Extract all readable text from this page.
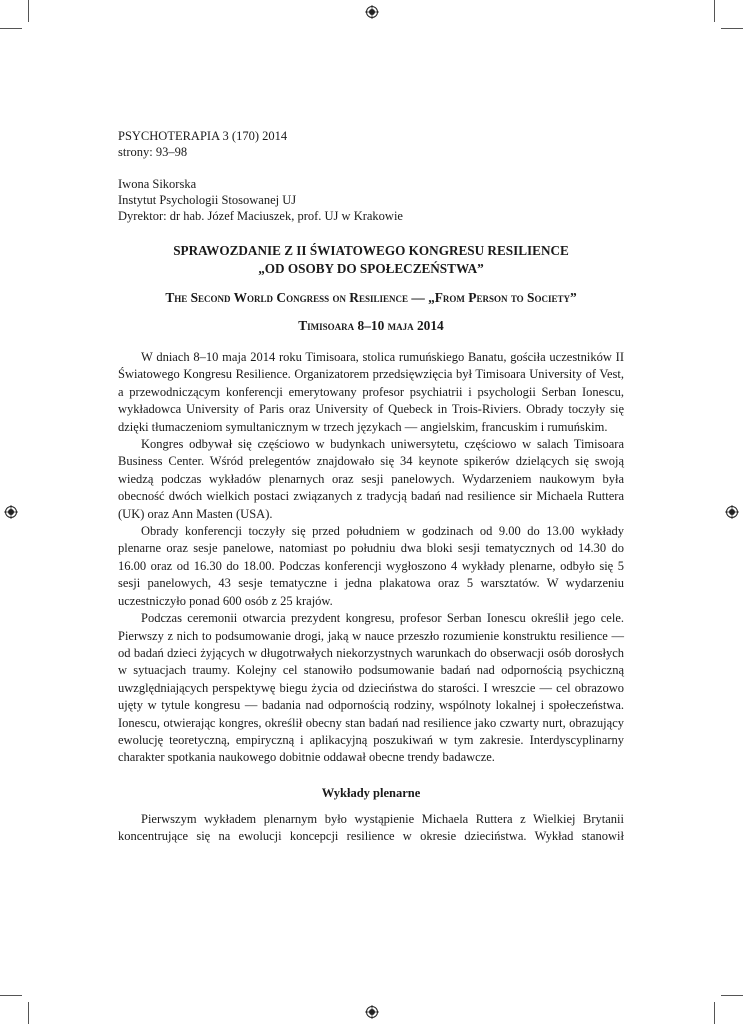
PSYCHOTERAPIA 3 (170) 2014
strony: 93–98
Iwona Sikorska
Instytut Psychologii Stosowanej UJ
Dyrektor: dr hab. Józef Maciuszek, prof. UJ w Krakowie
SPRAWOZDANIE Z II ŚWIATOWEGO KONGRESU RESILIENCE
„OD OSOBY DO SPOŁECZEŃSTWA”
The Second World Congress on Resilience — „From Person to Society”
Timisoara 8–10 maja 2014

W dniach 8–10 maja 2014 roku Timisoara, stolica rumuńskiego Banatu, gościła uczestników II Światowego Kongresu Resilience. Organizatorem przedsięwzięcia był Timisoara University of Vest, a przewodniczącym konferencji emerytowany profesor psychiatrii i psychologii Serban Ionescu, wykładowca University of Paris oraz University of Quebeck in Trois-Riviers. Obrady toczyły się dzięki tłumaczeniom symultanicznym w trzech językach — angielskim, francuskim i rumuńskim.

Kongres odbywał się częściowo w budynkach uniwersytetu, częściowo w salach Timisoara Business Center. Wśród prelegentów znajdowało się 34 keynote spikerów dzielących się swoją wiedzą podczas wykładów plenarnych oraz sesji panelowych. Wydarzeniem naukowym była obecność dwóch wielkich postaci związanych z tradycją badań nad resilience sir Michaela Ruttera (UK) oraz Ann Masten (USA).

Obrady konferencji toczyły się przed południem w godzinach od 9.00 do 13.00 wykłady plenarne oraz sesje panelowe, natomiast po południu dwa bloki sesji tematycznych od 14.30 do 16.00 oraz od 16.30 do 18.00. Podczas konferencji wygłoszono 4 wykłady plenarne, odbyło się 5 sesji panelowych, 43 sesje tematyczne i jedna plakatowa oraz 5 warsztatów. W wydarzeniu uczestniczyło ponad 600 osób z 25 krajów.

Podczas ceremonii otwarcia prezydent kongresu, profesor Serban Ionescu określił jego cele. Pierwszy z nich to podsumowanie drogi, jaką w nauce przeszło rozumienie konstruktu resilience — od badań dzieci żyjących w długotrwałych niekorzystnych warunkach do obserwacji osób dorosłych w sytuacjach traumy. Kolejny cel stanowiło podsumowanie badań nad odpornością psychiczną uwzględniających perspektywę biegu życia od dzieciństwa do starości. I wreszcie — cel obrazowo ujęty w tytule kongresu — badania nad odpornością rodziny, wspólnoty lokalnej i społeczeństwa. Ionescu, otwierając kongres, określił obecny stan badań nad resilience jako czwarty nurt, obrazujący ewolucję teoretyczną, empiryczną i aplikacyjną poszukiwań w tym zakresie. Interdyscyplinarny charakter spotkania naukowego dobitnie oddawał obecne trendy badawcze.

Wykłady plenarne

Pierwszym wykładem plenarnym było wystąpienie Michaela Ruttera z Wielkiej Brytanii koncentrujące się na ewolucji koncepcji resilience w okresie dzieciństwa. Wykład stanowił
